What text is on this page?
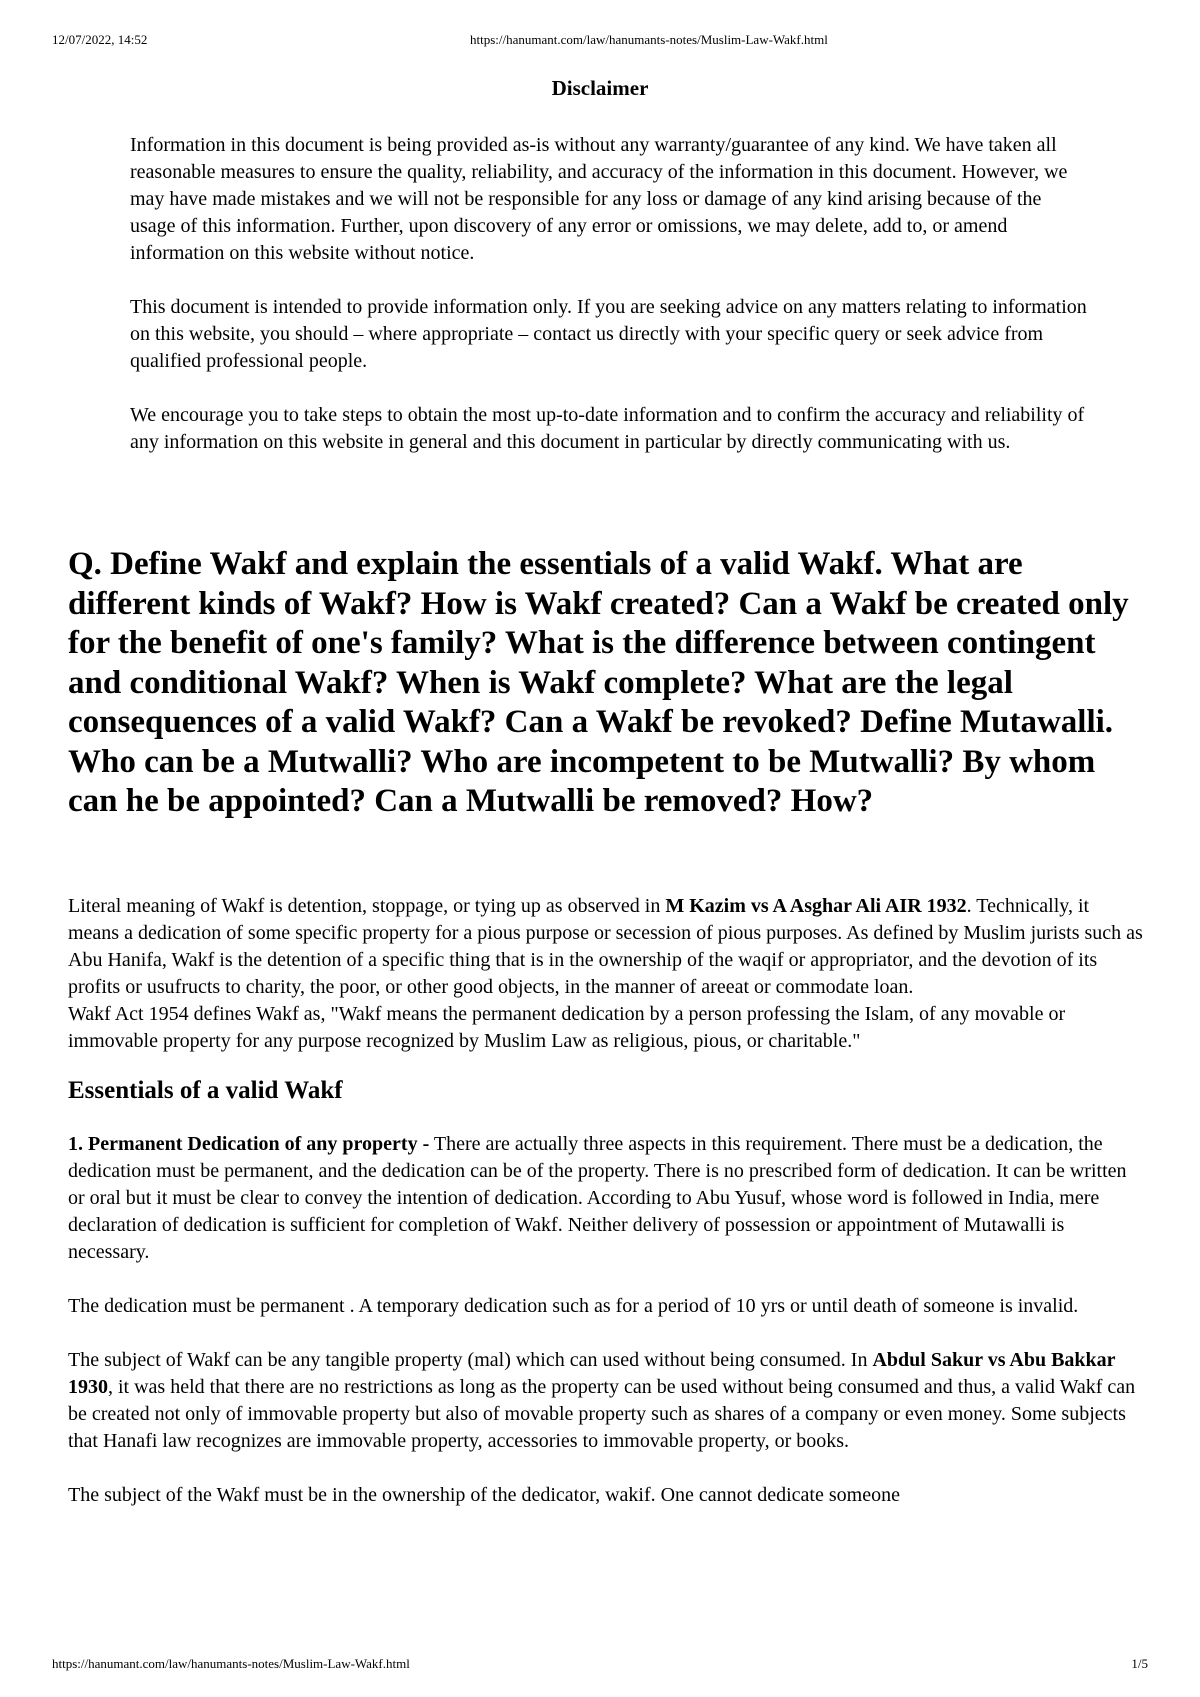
12/07/2022, 14:52	https://hanumant.com/law/hanumants-notes/Muslim-Law-Wakf.html
Disclaimer

Information in this document is being provided as-is without any warranty/guarantee of any kind. We have taken all reasonable measures to ensure the quality, reliability, and accuracy of the information in this document. However, we may have made mistakes and we will not be responsible for any loss or damage of any kind arising because of the usage of this information. Further, upon discovery of any error or omissions, we may delete, add to, or amend information on this website without notice.

This document is intended to provide information only. If you are seeking advice on any matters relating to information on this website, you should – where appropriate – contact us directly with your specific query or seek advice from qualified professional people.

We encourage you to take steps to obtain the most up-to-date information and to confirm the accuracy and reliability of any information on this website in general and this document in particular by directly communicating with us.

Q. Define Wakf and explain the essentials of a valid Wakf. What are different kinds of Wakf? How is Wakf created? Can a Wakf be created only for the benefit of one's family? What is the difference between contingent and conditional Wakf? When is Wakf complete? What are the legal consequences of a valid Wakf? Can a Wakf be revoked? Define Mutawalli. Who can be a Mutwalli? Who are incompetent to be Mutwalli? By whom can he be appointed? Can a Mutwalli be removed? How?

Literal meaning of Wakf is detention, stoppage, or tying up as observed in M Kazim vs A Asghar Ali AIR 1932. Technically, it means a dedication of some specific property for a pious purpose or secession of pious purposes. As defined by Muslim jurists such as Abu Hanifa, Wakf is the detention of a specific thing that is in the ownership of the waqif or appropriator, and the devotion of its profits or usufructs to charity, the poor, or other good objects, in the manner of areeat or commodate loan.

Wakf Act 1954 defines Wakf as, "Wakf means the permanent dedication by a person professing the Islam, of any movable or immovable property for any purpose recognized by Muslim Law as religious, pious, or charitable."

Essentials of a valid Wakf

1. Permanent Dedication of any property - There are actually three aspects in this requirement. There must be a dedication, the dedication must be permanent, and the dedication can be of the property. There is no prescribed form of dedication. It can be written or oral but it must be clear to convey the intention of dedication. According to Abu Yusuf, whose word is followed in India, mere declaration of dedication is sufficient for completion of Wakf. Neither delivery of possession or appointment of Mutawalli is necessary.

The dedication must be permanent . A temporary dedication such as for a period of 10 yrs or until death of someone is invalid.

The subject of Wakf can be any tangible property (mal) which can used without being consumed. In Abdul Sakur vs Abu Bakkar 1930, it was held that there are no restrictions as long as the property can be used without being consumed and thus, a valid Wakf can be created not only of immovable property but also of movable property such as shares of a company or even money. Some subjects that Hanafi law recognizes are immovable property, accessories to immovable property, or books.

The subject of the Wakf must be in the ownership of the dedicator, wakif. One cannot dedicate someone

https://hanumant.com/law/hanumants-notes/Muslim-Law-Wakf.html	1/5
